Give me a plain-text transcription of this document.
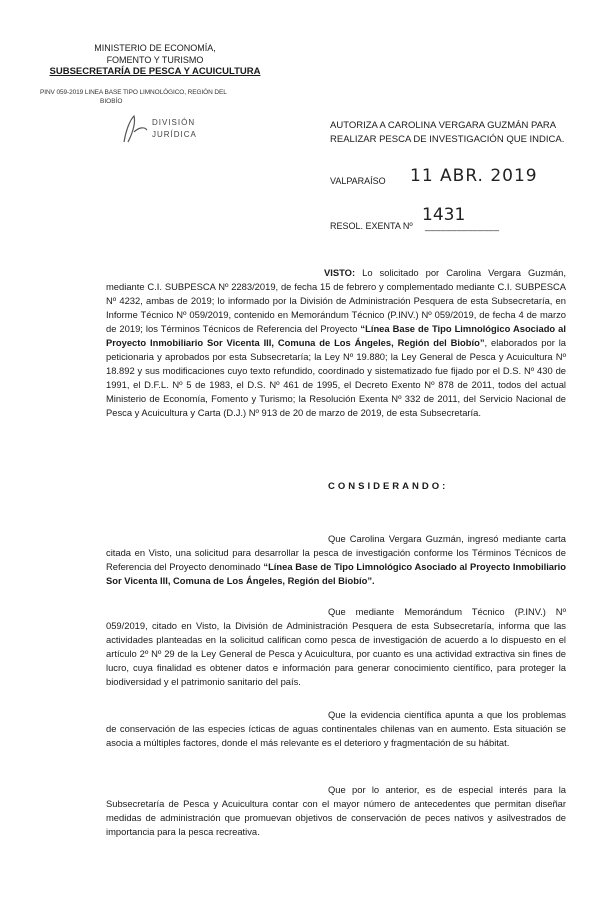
MINISTERIO DE ECONOMÍA,
FOMENTO Y TURISMO
SUBSECRETARÍA DE PESCA Y ACUICULTURA
PINV 059-2019 LINEA BASE TIPO LIMNOLÓGICO, REGIÓN DEL
BIOBÍO
DIVISIÓN
JURÍDICA
AUTORIZA A CAROLINA VERGARA GUZMÁN PARA REALIZAR PESCA DE INVESTIGACIÓN QUE INDICA.
VALPARAÍSO 11 ABR. 2019
RESOL. EXENTA Nº ______________
1431
VISTO: Lo solicitado por Carolina Vergara Guzmán, mediante C.I. SUBPESCA Nº 2283/2019, de fecha 15 de febrero y complementado mediante C.I. SUBPESCA Nº 4232, ambas de 2019; lo informado por la División de Administración Pesquera de esta Subsecretaría, en Informe Técnico Nº 059/2019, contenido en Memorándum Técnico (P.INV.) Nº 059/2019, de fecha 4 de marzo de 2019; los Términos Técnicos de Referencia del Proyecto “Línea Base de Tipo Limnológico Asociado al Proyecto Inmobiliario Sor Vicenta III, Comuna de Los Ángeles, Región del Biobío”, elaborados por la peticionaria y aprobados por esta Subsecretaría; la Ley Nº 19.880; la Ley General de Pesca y Acuicultura Nº 18.892 y sus modificaciones cuyo texto refundido, coordinado y sistematizado fue fijado por el D.S. Nº 430 de 1991, el D.F.L. Nº 5 de 1983, el D.S. Nº 461 de 1995, el Decreto Exento Nº 878 de 2011, todos del actual Ministerio de Economía, Fomento y Turismo; la Resolución Exenta Nº 332 de 2011, del Servicio Nacional de Pesca y Acuicultura y Carta (D.J.) Nº 913 de 20 de marzo de 2019, de esta Subsecretaría.
CONSIDERANDO:
Que Carolina Vergara Guzmán, ingresó mediante carta citada en Visto, una solicitud para desarrollar la pesca de investigación conforme los Términos Técnicos de Referencia del Proyecto denominado “Línea Base de Tipo Limnológico Asociado al Proyecto Inmobiliario Sor Vicenta III, Comuna de Los Ángeles, Región del Biobío”.
Que mediante Memorándum Técnico (P.INV.) Nº 059/2019, citado en Visto, la División de Administración Pesquera de esta Subsecretaría, informa que las actividades planteadas en la solicitud califican como pesca de investigación de acuerdo a lo dispuesto en el artículo 2º Nº 29 de la Ley General de Pesca y Acuicultura, por cuanto es una actividad extractiva sin fines de lucro, cuya finalidad es obtener datos e información para generar conocimiento científico, para proteger la biodiversidad y el patrimonio sanitario del país.
Que la evidencia científica apunta a que los problemas de conservación de las especies ícticas de aguas continentales chilenas van en aumento. Esta situación se asocia a múltiples factores, donde el más relevante es el deterioro y fragmentación de su hábitat.
Que por lo anterior, es de especial interés para la Subsecretaría de Pesca y Acuicultura contar con el mayor número de antecedentes que permitan diseñar medidas de administración que promuevan objetivos de conservación de peces nativos y asilvestrados de importancia para la pesca recreativa.
